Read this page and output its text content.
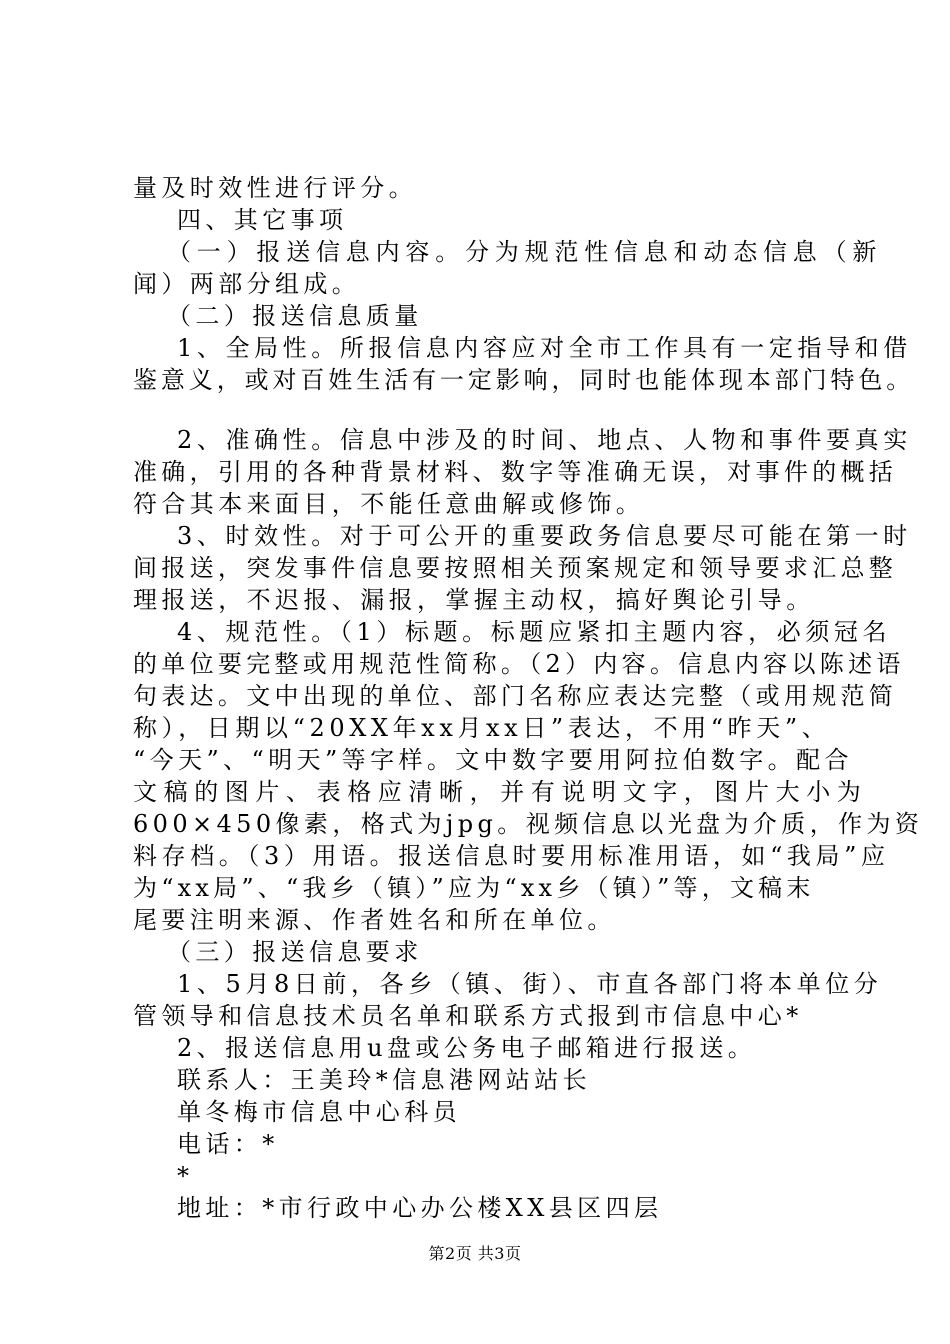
量及时效性进行评分。
四、其它事项
（一）报送信息内容。分为规范性信息和动态信息（新
闻）两部分组成。
（二）报送信息质量
1、全局性。所报信息内容应对全市工作具有一定指导和借
鉴意义，或对百姓生活有一定影响，同时也能体现本部门特色。
2、准确性。信息中涉及的时间、地点、人物和事件要真实
准确，引用的各种背景材料、数字等准确无误，对事件的概括
符合其本来面目，不能任意曲解或修饰。
3、时效性。对于可公开的重要政务信息要尽可能在第一时
间报送，突发事件信息要按照相关预案规定和领导要求汇总整
理报送，不迟报、漏报，掌握主动权，搞好舆论引导。
4、规范性。（1）标题。标题应紧扣主题内容，必须冠名
的单位要完整或用规范性简称。（2）内容。信息内容以陈述语
句表达。文中出现的单位、部门名称应表达完整（或用规范简
称），日期以“20XX年xx月xx日”表达，不用“昨天”、
“今天”、“明天”等字样。文中数字要用阿拉伯数字。配合
文稿的图片、表格应清晰，并有说明文字，图片大小为
600×450像素，格式为jpg。视频信息以光盘为介质，作为资
料存档。（3）用语。报送信息时要用标准用语，如“我局”应
为“xx局”、“我乡（镇）”应为“xx乡（镇）”等，文稿末
尾要注明来源、作者姓名和所在单位。
（三）报送信息要求
1、5月8日前，各乡（镇、街）、市直各部门将本单位分
管领导和信息技术员名单和联系方式报到市信息中心*
2、报送信息用u盘或公务电子邮箱进行报送。
联系人：王美玲*信息港网站站长
单冬梅市信息中心科员
电话：*
*
地址：*市行政中心办公楼XX县区四层
第2页 共3页
